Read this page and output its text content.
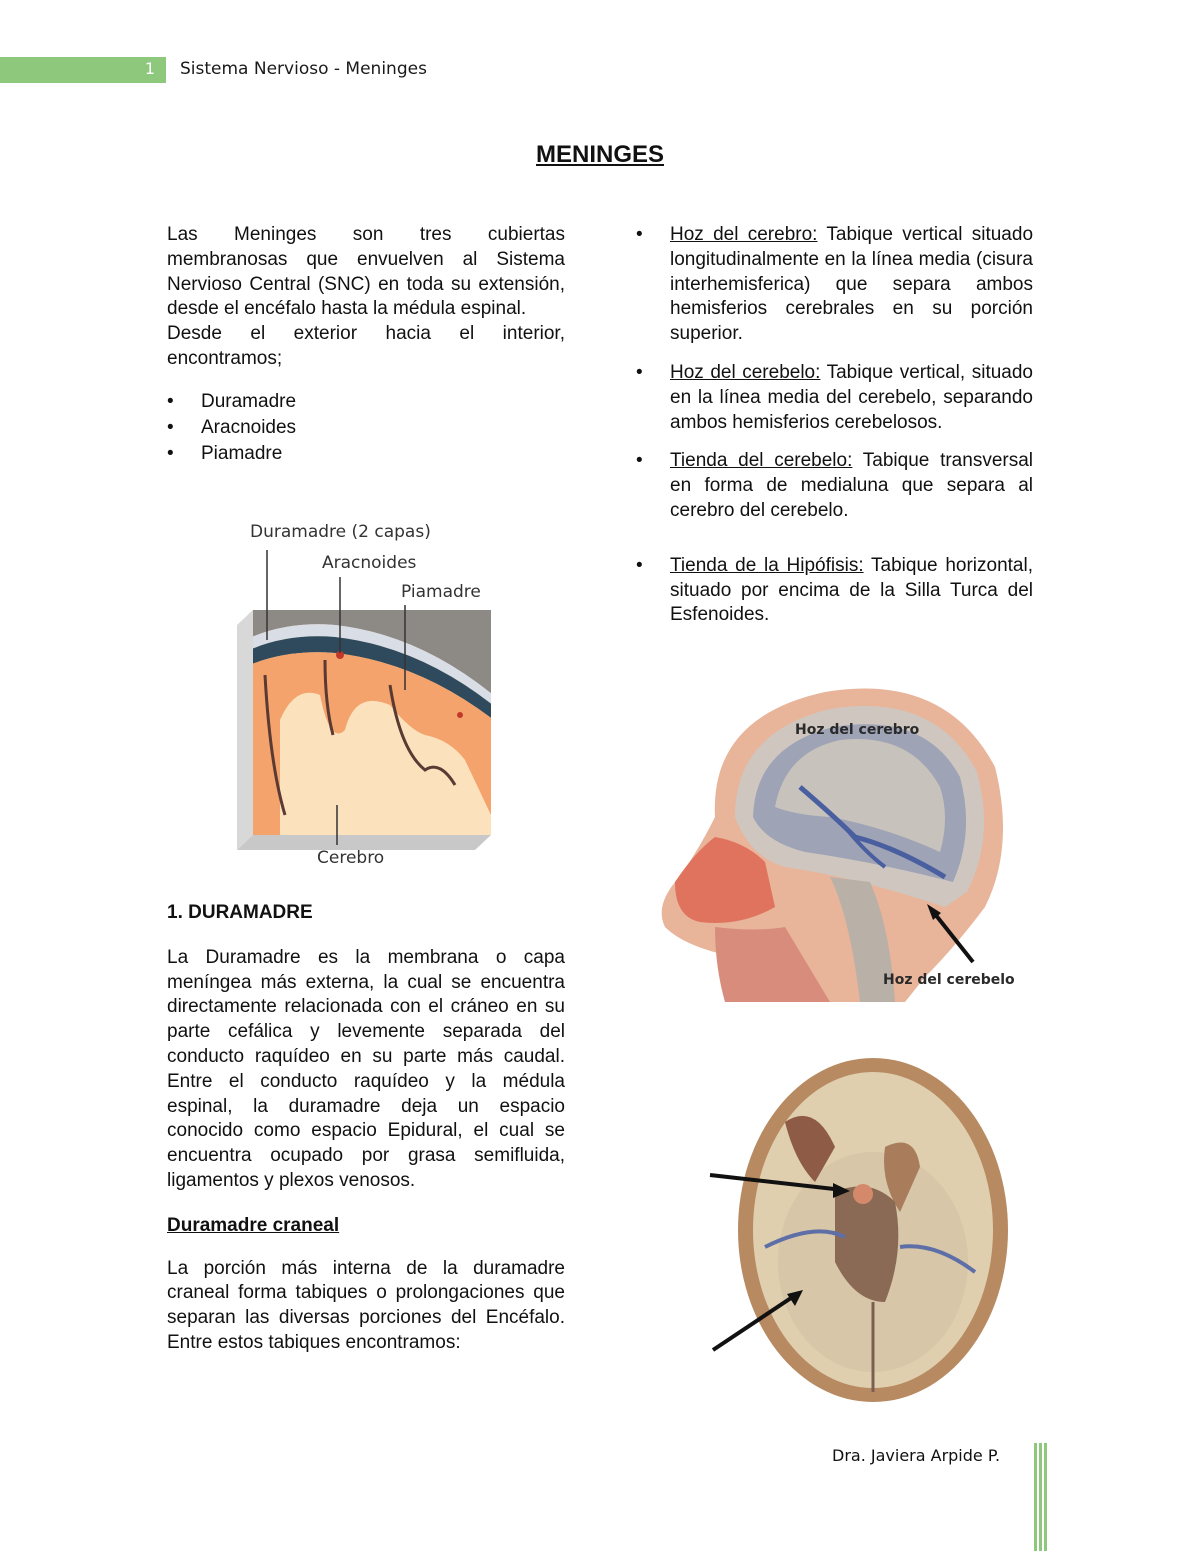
1 Sistema Nervioso - Meninges
MENINGES

Las Meninges son tres cubiertas membranosas que envuelven al Sistema Nervioso Central (SNC) en toda su extensión, desde el encéfalo hasta la médula espinal.

Desde el exterior hacia el interior, encontramos;

• Duramadre
• Aracnoides
• Piamadre
Duramadre (2 capas)
Aracnoides
Piamadre
Cerebro

1. DURAMADRE

La Duramadre es la membrana o capa meníngea más externa, la cual se encuentra directamente relacionada con el cráneo en su parte cefálica y levemente separada del conducto raquídeo en su parte más caudal. Entre el conducto raquídeo y la médula espinal, la duramadre deja un espacio conocido como espacio Epidural, el cual se encuentra ocupado por grasa semifluida, ligamentos y plexos venosos.

Duramadre craneal

La porción más interna de la duramadre craneal forma tabiques o prolongaciones que separan las diversas porciones del Encéfalo. Entre estos tabiques encontramos:

• Hoz del cerebro: Tabique vertical situado longitudinalmente en la línea media (cisura interhemisferica) que separa ambos hemisferios cerebrales en su porción superior.
• Hoz del cerebelo: Tabique vertical, situado en la línea media del cerebelo, separando ambos hemisferios cerebelosos.
• Tienda del cerebelo: Tabique transversal en forma de medialuna que separa al cerebro del cerebelo.
• Tienda de la Hipófisis: Tabique horizontal, situado por encima de la Silla Turca del Esfenoides.
Hoz del cerebro
Hoz del cerebelo
Dra. Javiera Arpide P.
